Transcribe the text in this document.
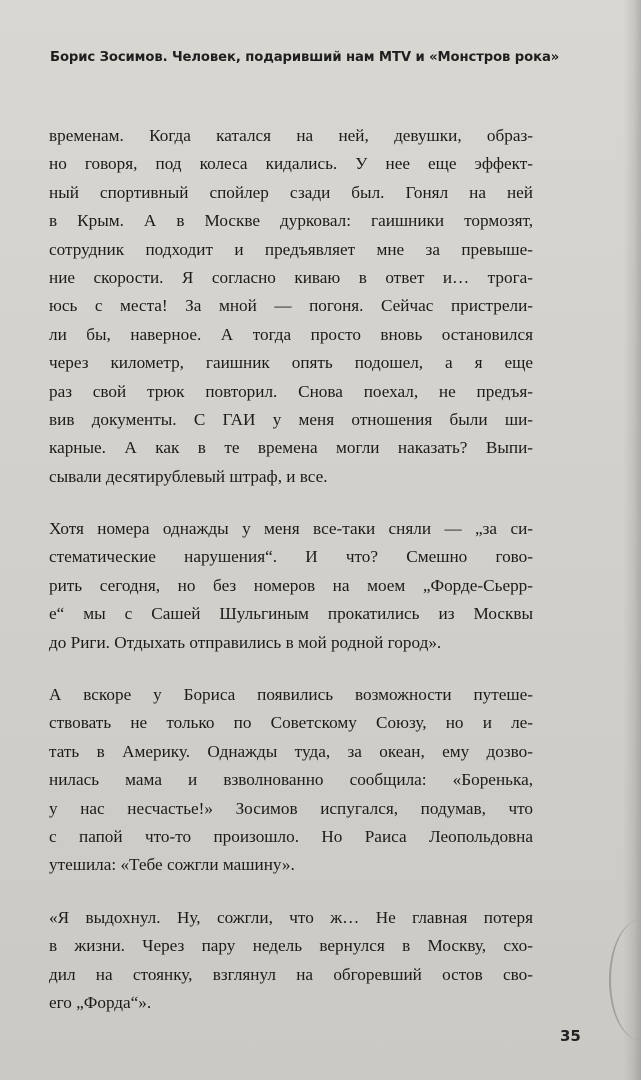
Борис Зосимов. Человек, подаривший нам MTV и «Монстров рока»
временам. Когда катался на ней, девушки, образ-
но говоря, под колеса кидались. У нее еще эффект-
ный спортивный спойлер сзади был. Гонял на ней
в Крым. А в Москве дурковал: гаишники тормозят,
сотрудник подходит и предъявляет мне за превыше-
ние скорости. Я согласно киваю в ответ и… трога-
юсь с места! За мной — погоня. Сейчас пристрели-
ли бы, наверное. А тогда просто вновь остановился
через километр, гаишник опять подошел, а я еще
раз свой трюк повторил. Снова поехал, не предъя-
вив документы. С ГАИ у меня отношения были ши-
карные. А как в те времена могли наказать? Выпи-
сывали десятирублевый штраф, и все.
Хотя номера однажды у меня все-таки сняли — „за си-
стематические нарушения“. И что? Смешно гово-
рить сегодня, но без номеров на моем „Форде-Сьерр-
е“ мы с Сашей Шульгиным прокатились из Москвы
до Риги. Отдыхать отправились в мой родной город».
А вскоре у Бориса появились возможности путеше-
ствовать не только по Советскому Союзу, но и ле-
тать в Америку. Однажды туда, за океан, ему дозво-
нилась мама и взволнованно сообщила: «Боренька,
у нас несчастье!» Зосимов испугался, подумав, что
с папой что-то произошло. Но Раиса Леопольдовна
утешила: «Тебе сожгли машину».
«Я выдохнул. Ну, сожгли, что ж… Не главная потеря
в жизни. Через пару недель вернулся в Москву, схо-
дил на стоянку, взглянул на обгоревший остов сво-
его „Форда“».
35
